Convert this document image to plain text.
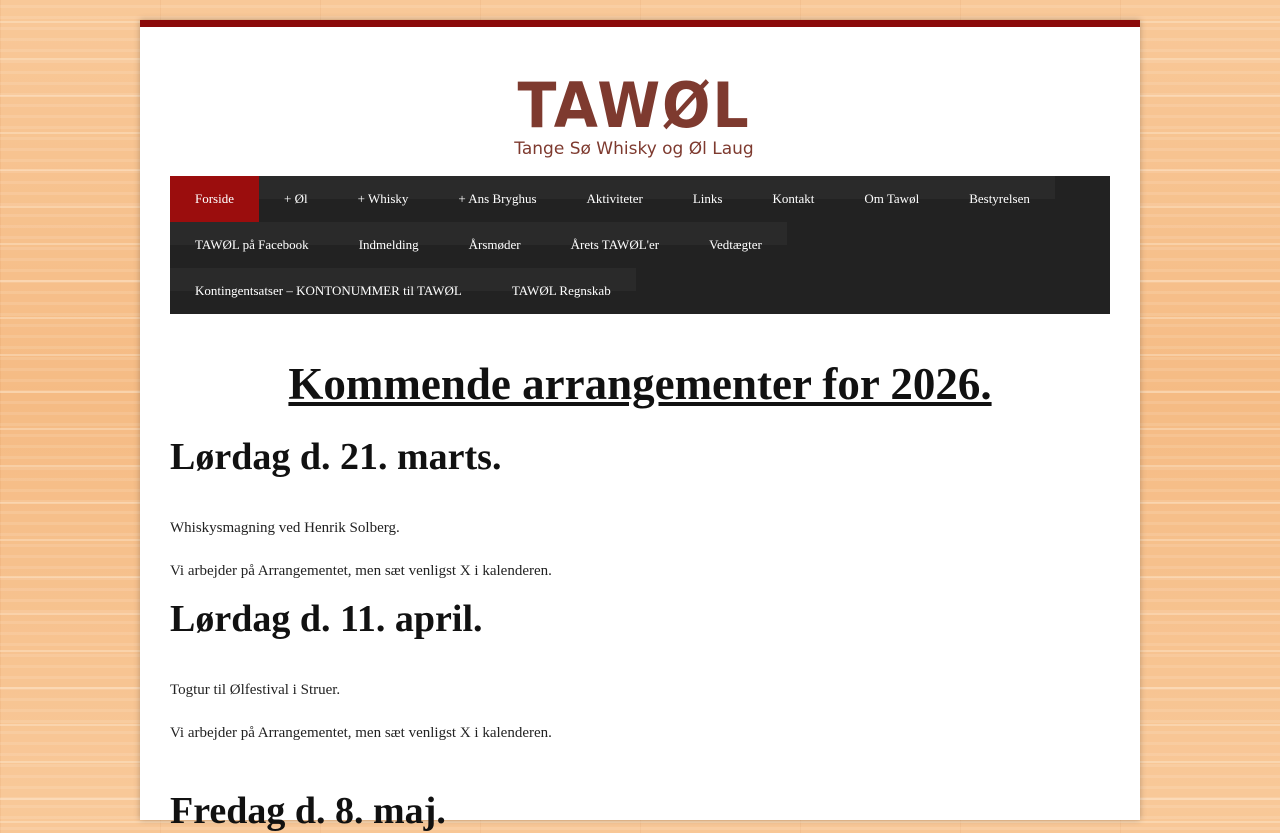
TAWØL
Tange Sø Whisky og Øl Laug
Forside	+ Øl	+ Whisky	+ Ans Bryghus	Aktiviteter	Links	Kontakt	Om Tawøl	Bestyrelsen
TAWØL på Facebook	Indmelding	Årsmøder	Årets TAWØL'er	Vedtægter
Kontingentsatser – KONTONUMMER til TAWØL	TAWØL Regnskab
Kommende arrangementer for 2026.
Lørdag d. 21. marts.

Whiskysmagning ved Henrik Solberg.

Vi arbejder på Arrangementet, men sæt venligst X i kalenderen.

Lørdag d. 11. april.

Togtur til Ølfestival i Struer.

Vi arbejder på Arrangementet, men sæt venligst X i kalenderen.

Fredag d. 8. maj.
